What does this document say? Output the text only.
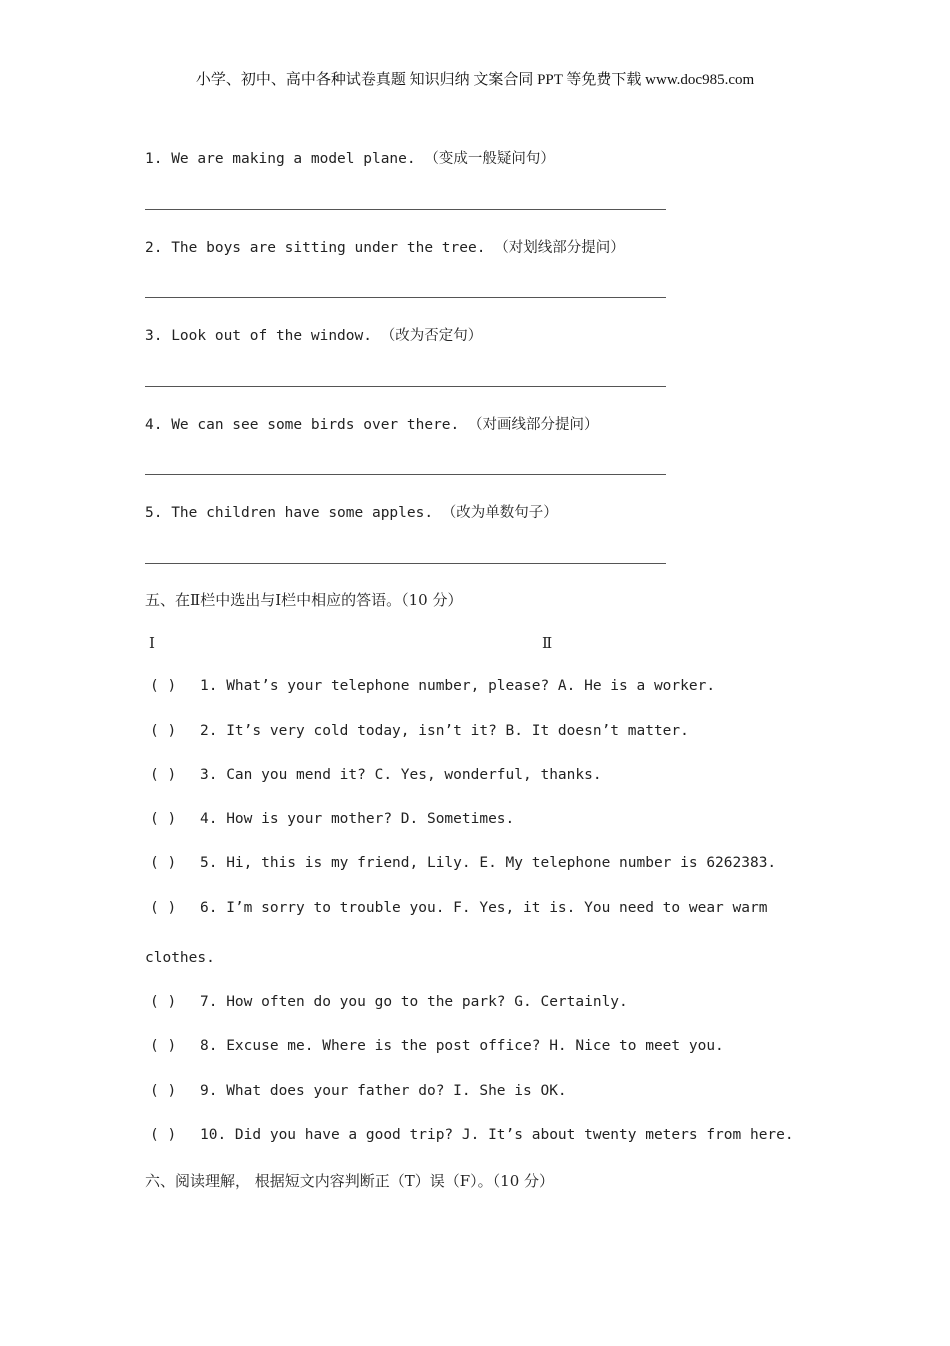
小学、初中、高中各种试卷真题 知识归纳 文案合同 PPT 等免费下载 www.doc985.com
1. We are making a model plane. （变成一般疑问句）
2. The boys are sitting under the tree. （对划线部分提问）
3. Look out of the window. （改为否定句）
4. We can see some birds over there. （对画线部分提问）
5. The children have some apples. （改为单数句子）
五、在Ⅱ栏中选出与Ⅰ栏中相应的答语。（10 分）
Ⅰ	Ⅱ
( ) 1. What’s your telephone number, please? A. He is a worker.
( ) 2. It’s very cold today, isn’t it? B. It doesn’t matter.
( ) 3. Can you mend it? C. Yes, wonderful, thanks.
( ) 4. How is your mother? D. Sometimes.
( ) 5. Hi, this is my friend, Lily. E. My telephone number is 6262383.
( ) 6. I’m sorry to trouble you. F. Yes, it is. You need to wear warm
clothes.
( ) 7. How often do you go to the park? G. Certainly.
( ) 8. Excuse me. Where is the post office? H. Nice to meet you.
( ) 9. What does your father do? I. She is OK.
( ) 10. Did you have a good trip? J. It’s about twenty meters from here.
六、阅读理解， 根据短文内容判断正（T）误（F）。（10 分）
